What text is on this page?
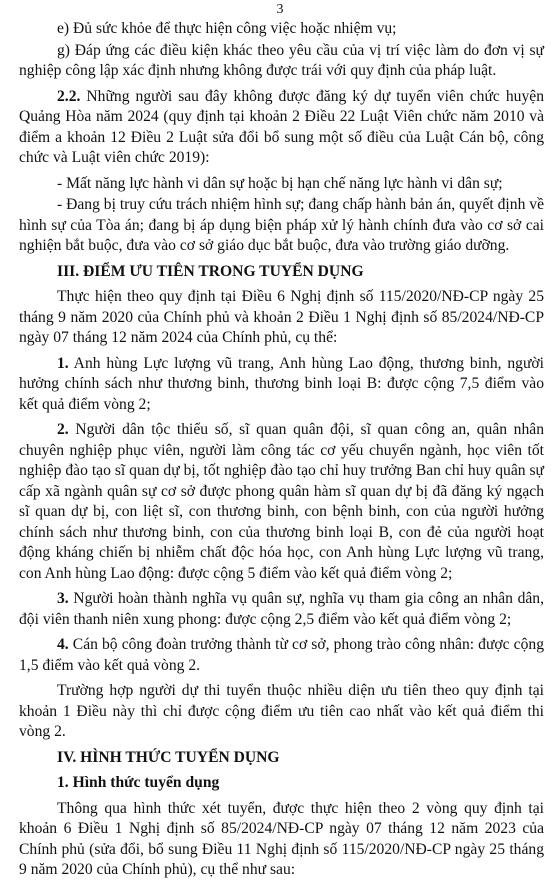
3

e) Đủ sức khỏe để thực hiện công việc hoặc nhiệm vụ;

g) Đáp ứng các điều kiện khác theo yêu cầu của vị trí việc làm do đơn vị sự nghiệp công lập xác định nhưng không được trái với quy định của pháp luật.

2.2. Những người sau đây không được đăng ký dự tuyển viên chức huyện Quảng Hòa năm 2024 (quy định tại khoản 2 Điều 22 Luật Viên chức năm 2010 và điểm a khoản 12 Điều 2 Luật sửa đổi bổ sung một số điều của Luật Cán bộ, công chức và Luật viên chức 2019):

- Mất năng lực hành vi dân sự hoặc bị hạn chế năng lực hành vi dân sự;

- Đang bị truy cứu trách nhiệm hình sự; đang chấp hành bản án, quyết định về hình sự của Tòa án; đang bị áp dụng biện pháp xử lý hành chính đưa vào cơ sở cai nghiện bắt buộc, đưa vào cơ sở giáo dục bắt buộc, đưa vào trường giáo dưỡng.

III. ĐIỂM ƯU TIÊN TRONG TUYỂN DỤNG

Thực hiện theo quy định tại Điều 6 Nghị định số 115/2020/NĐ-CP ngày 25 tháng 9 năm 2020 của Chính phủ và khoản 2 Điều 1 Nghị định số 85/2024/NĐ-CP ngày 07 tháng 12 năm 2024 của Chính phủ, cụ thể:

1. Anh hùng Lực lượng vũ trang, Anh hùng Lao động, thương binh, người hưởng chính sách như thương binh, thương binh loại B: được cộng 7,5 điểm vào kết quả điểm vòng 2;

2. Người dân tộc thiểu số, sĩ quan quân đội, sĩ quan công an, quân nhân chuyên nghiệp phục viên, người làm công tác cơ yếu chuyển ngành, học viên tốt nghiệp đào tạo sĩ quan dự bị, tốt nghiệp đào tạo chỉ huy trưởng Ban chỉ huy quân sự cấp xã ngành quân sự cơ sở được phong quân hàm sĩ quan dự bị đã đăng ký ngạch sĩ quan dự bị, con liệt sĩ, con thương binh, con bệnh binh, con của người hưởng chính sách như thương binh, con của thương binh loại B, con đẻ của người hoạt động kháng chiến bị nhiễm chất độc hóa học, con Anh hùng Lực lượng vũ trang, con Anh hùng Lao động: được cộng 5 điểm vào kết quả điểm vòng 2;

3. Người hoàn thành nghĩa vụ quân sự, nghĩa vụ tham gia công an nhân dân, đội viên thanh niên xung phong: được cộng 2,5 điểm vào kết quả điểm vòng 2;

4. Cán bộ công đoàn trưởng thành từ cơ sở, phong trào công nhân: được cộng 1,5 điểm vào kết quả vòng 2.

Trường hợp người dự thi tuyển thuộc nhiều diện ưu tiên theo quy định tại khoản 1 Điều này thì chỉ được cộng điểm ưu tiên cao nhất vào kết quả điểm thi vòng 2.

IV. HÌNH THỨC TUYỂN DỤNG
1. Hình thức tuyển dụng

Thông qua hình thức xét tuyển, được thực hiện theo 2 vòng quy định tại khoản 6 Điều 1 Nghị định số 85/2024/NĐ-CP ngày 07 tháng 12 năm 2023 của Chính phủ (sửa đổi, bổ sung Điều 11 Nghị định số 115/2020/NĐ-CP ngày 25 tháng 9 năm 2020 của Chính phủ), cụ thể như sau:
